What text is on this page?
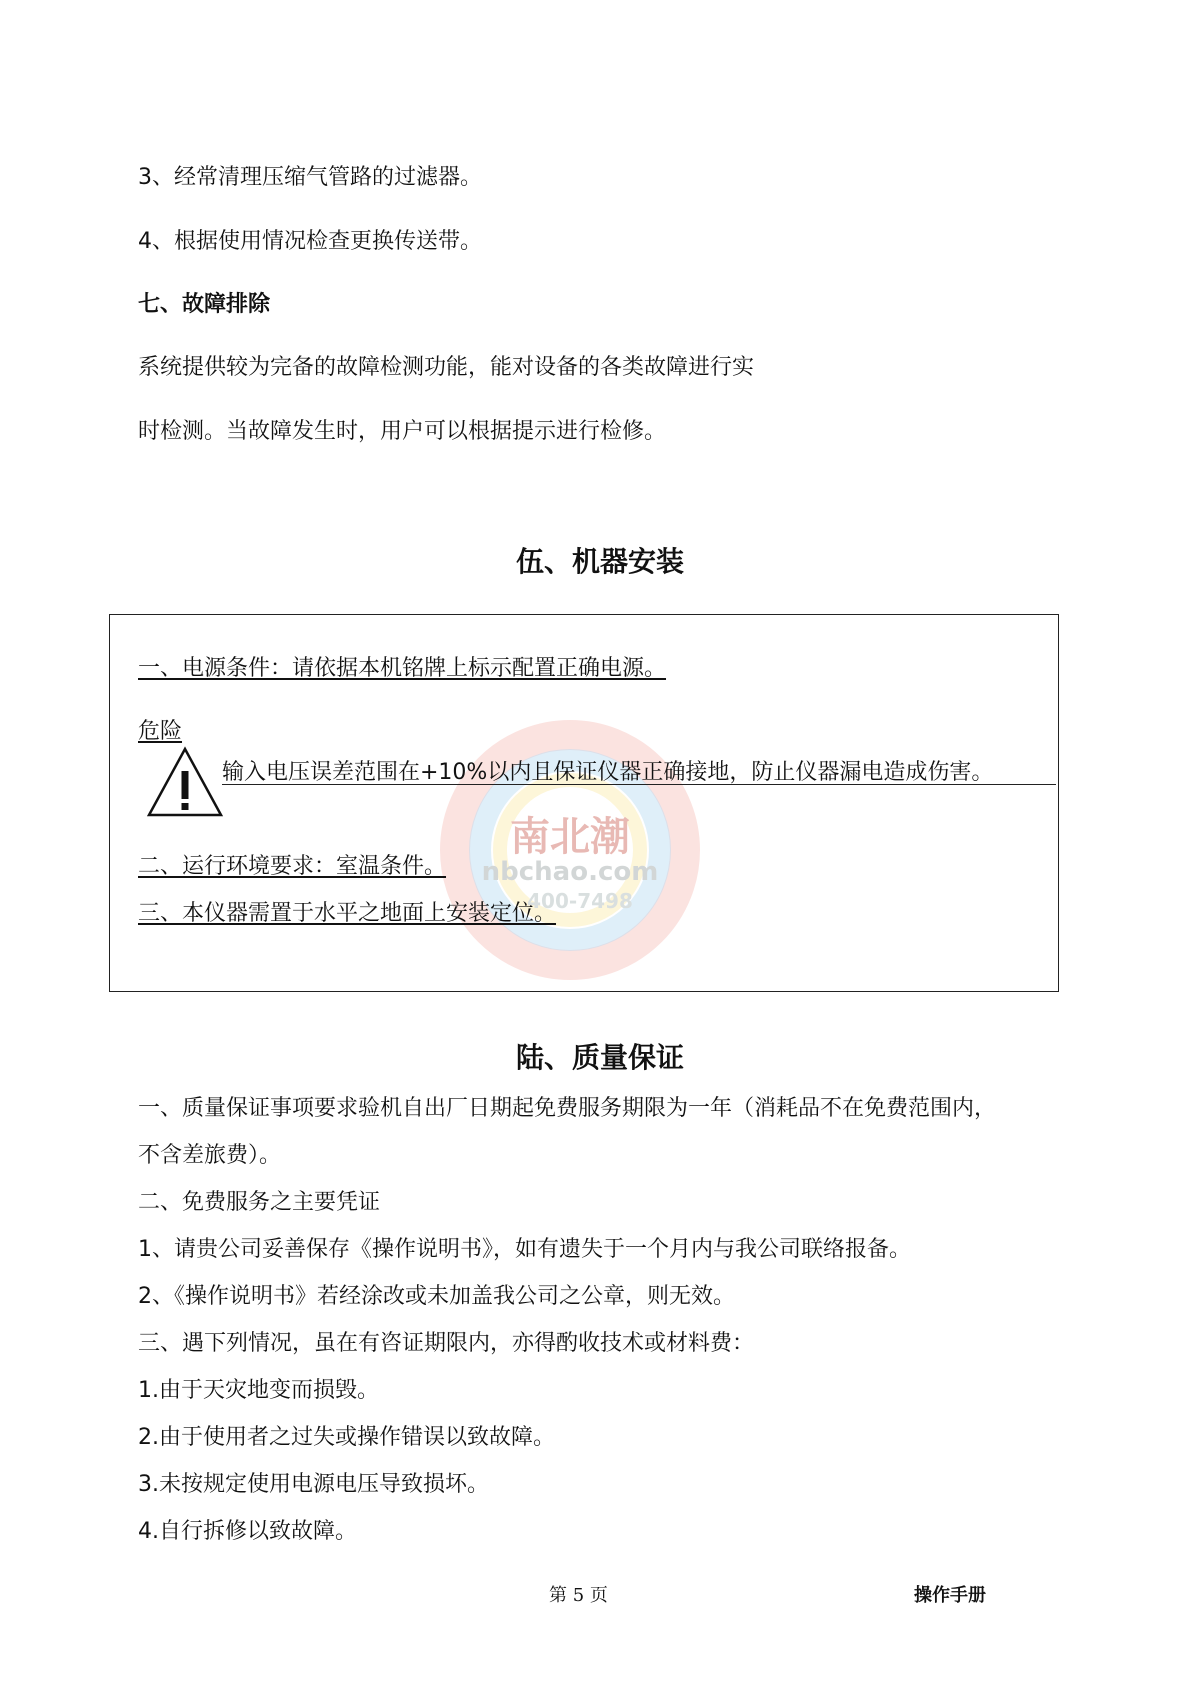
3、经常清理压缩气管路的过滤器。
4、根据使用情况检查更换传送带。
七、故障排除
系统提供较为完备的故障检测功能，能对设备的各类故障进行实
时检测。当故障发生时，用户可以根据提示进行检修。
伍、机器安装
南北潮
nbchao.com
400-7498
一、电源条件：请依据本机铭牌上标示配置正确电源。
危险
输入电压误差范围在+10%以内且保证仪器正确接地，防止仪器漏电造成伤害。
二、运行环境要求：室温条件。
三、本仪器需置于水平之地面上安装定位。
陆、质量保证
一、质量保证事项要求验机自出厂日期起免费服务期限为一年（消耗品不在免费范围内，
不含差旅费）。
二、免费服务之主要凭证
1、请贵公司妥善保存《操作说明书》，如有遗失于一个月内与我公司联络报备。
2、《操作说明书》若经涂改或未加盖我公司之公章，则无效。
三、遇下列情况，虽在有咨证期限内，亦得酌收技术或材料费：
1.由于天灾地变而损毁。
2.由于使用者之过失或操作错误以致故障。
3.未按规定使用电源电压导致损坏。
4.自行拆修以致故障。
第 5 页	操作手册
